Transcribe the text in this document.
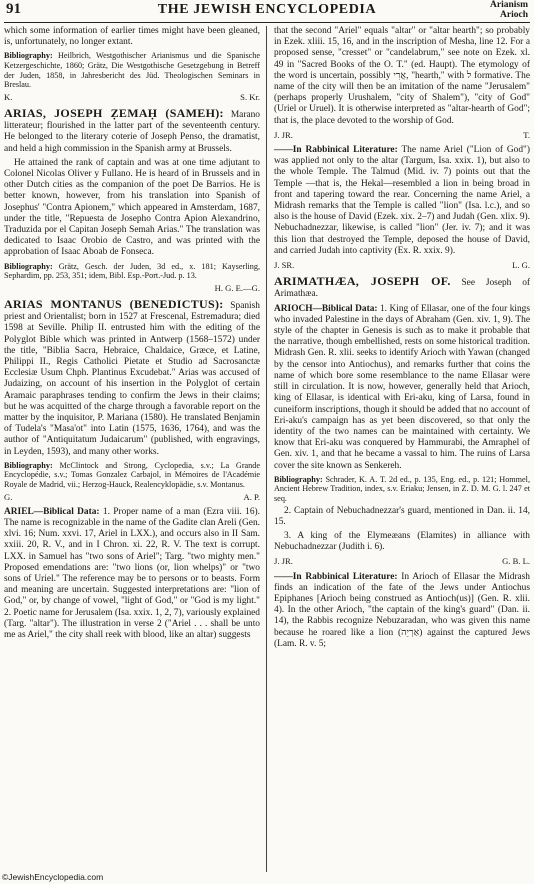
91	THE JEWISH ENCYCLOPEDIA	Arianism
Arioch

which some information of earlier times might have been gleaned, is, unfortunately, no longer extant.

Bibliography: Heilbrich, Westgothischer Arianismus und die Spanische Ketzergeschichte, 1860; Grätz, Die Westgothische Gesetzgebung in Betreff der Juden, 1858, in Jahresbericht des Jüd. Theologischen Seminars in Breslau.

K.	S. Kr.

ARIAS, JOSEPH ẒEMAḤ (SAMEH): Marano litterateur; flourished in the latter part of the seventeenth century. He belonged to the literary coterie of Joseph Penso, the dramatist, and held a high commission in the Spanish army at Brussels.

He attained the rank of captain and was at one time adjutant to Colonel Nicolas Oliver y Fullano. He is heard of in Brussels and in other Dutch cities as the companion of the poet De Barrios. He is better known, however, from his translation into Spanish of Josephus' "Contra Apionem," which appeared in Amsterdam, 1687, under the title, "Repuesta de Josepho Contra Apion Alexandrino, Traduzida por el Capitan Joseph Semah Arias." The translation was dedicated to Isaac Orobio de Castro, and was printed with the approbation of Isaac Aboab de Fonseca.

Bibliography: Grätz, Gesch. der Juden, 3d ed., x. 181; Kayserling, Sephardim, pp. 253, 351; idem, Bibl. Esp.-Port.-Jud. p. 13.

H. G. E.—G.

ARIAS MONTANUS (BENEDICTUS): Spanish priest and Orientalist; born in 1527 at Frescenal, Estremadura; died 1598 at Seville. Philip II. entrusted him with the editing of the Polyglot Bible which was printed in Antwerp (1568–1572) under the title, "Biblia Sacra, Hebraice, Chaldaice, Græce, et Latine, Philippi II., Regis Catholici Pietate et Studio ad Sacrosanctæ Ecclesiæ Usum Chph. Plantinus Excudebat." Arias was accused of Judaizing, on account of his insertion in the Polyglot of certain Aramaic paraphrases tending to confirm the Jews in their claims; but he was acquitted of the charge through a favorable report on the matter by the inquisitor, P. Mariana (1580). He translated Benjamin of Tudela's "Masa'ot" into Latin (1575, 1636, 1764), and was the author of "Antiquitatum Judaicarum" (published, with engravings, in Leyden, 1593), and many other works.

Bibliography: McClintock and Strong, Cyclopedia, s.v.; La Grande Encyclopédie, s.v.; Tomas Gonzalez Carbajol, in Mémoires de l'Académie Royale de Madrid, vii.; Herzog-Hauck, Realencyklopädie, s.v. Montanus.

G.	A. P.

ARIEL—Biblical Data: 1. Proper name of a man (Ezra viii. 16). The name is recognizable in the name of the Gadite clan Areli (Gen. xlvi. 16; Num. xxvi. 17, Ariel in LXX.), and occurs also in II Sam. xxiii. 20, R. V., and in I Chron. xi. 22, R. V. The text is corrupt. LXX. in Samuel has "two sons of Ariel"; Targ. "two mighty men." Proposed emendations are: "two lions (or, lion whelps)" or "two sons of Uriel." The reference may be to persons or to beasts. Form and meaning are uncertain. Suggested interpretations are: "lion of God," or, by change of vowel, "light of God," or "God is my light." 2. Poetic name for Jerusalem (Isa. xxix. 1, 2, 7), variously explained (Targ. "altar"). The illustration in verse 2 ("Ariel . . . shall be unto me as Ariel," the city shall reek with blood, like an altar) suggests

that the second "Ariel" equals "altar" or "altar hearth"; so probably in Ezek. xliii. 15, 16, and in the inscription of Mesha, line 12. For a proposed sense, "cresset" or "candelabrum," see note on Ezek. xl. 49 in "Sacred Books of the O. T." (ed. Haupt). The etymology of the word is uncertain, possibly אֲרִי, "hearth," with ל formative. The name of the city will then be an imitation of the name "Jerusalem" (perhaps properly Urushalem, "city of Shalem"), "city of God" (Uriel or Uruel). It is otherwise interpreted as "altar-hearth of God"; that is, the place devoted to the worship of God.

J. JR.	T.

——In Rabbinical Literature: The name Ariel ("Lion of God") was applied not only to the altar (Targum, Isa. xxix. 1), but also to the whole Temple. The Talmud (Mid. iv. 7) points out that the Temple —that is, the Hekal—resembled a lion in being broad in front and tapering toward the rear. Concerning the name Ariel, a Midrash remarks that the Temple is called "lion" (Isa. l.c.), and so also is the house of David (Ezek. xix. 2–7) and Judah (Gen. xlix. 9). Nebuchadnezzar, likewise, is called "lion" (Jer. iv. 7); and it was this lion that destroyed the Temple, deposed the house of David, and carried Judah into captivity (Ex. R. xxix. 9).

J. SR.	L. G.

ARIMATHÆA, JOSEPH OF. See Joseph of Arimathæa.

ARIOCH—Biblical Data: 1. King of Ellasar, one of the four kings who invaded Palestine in the days of Abraham (Gen. xiv. 1, 9). The style of the chapter in Genesis is such as to make it probable that the narrative, though embellished, rests on some historical tradition. Midrash Gen. R. xlii. seeks to identify Arioch with Yawan (changed by the censor into Antiochus), and remarks further that coins the name of which bore some resemblance to the name Ellasar were still in circulation. It is now, however, generally held that Arioch, king of Ellasar, is identical with Eri-aku, king of Larsa, found in cuneiform inscriptions, though it should be added that no account of Eri-aku's campaign has as yet been discovered, so that only the identity of the two names can be maintained with certainty. We know that Eri-aku was conquered by Hammurabi, the Amraphel of Gen. xiv. 1, and that he became a vassal to him. The ruins of Larsa cover the site known as Senkereh.

Bibliography: Schrader, K. A. T. 2d ed., p. 135, Eng. ed., p. 121; Hommel, Ancient Hebrew Tradition, index, s.v. Eriaku; Jensen, in Z. D. M. G. l. 247 et seq.

2. Captain of Nebuchadnezzar's guard, mentioned in Dan. ii. 14, 15.

3. A king of the Elymeæans (Elamites) in alliance with Nebuchadnezzar (Judith i. 6).

J. JR.	G. B. L.

——In Rabbinical Literature: In Arioch of Ellasar the Midrash finds an indication of the fate of the Jews under Antiochus Epiphanes [Arioch being construed as Antioch(us)] (Gen. R. xlii. 4). In the other Arioch, "the captain of the king's guard" (Dan. ii. 14), the Rabbis recognize Nebuzaradan, who was given this name because he roared like a lion (אַרְיֵה) against the captured Jews (Lam. R. v. 5;

©JewishEncyclopedia.com
